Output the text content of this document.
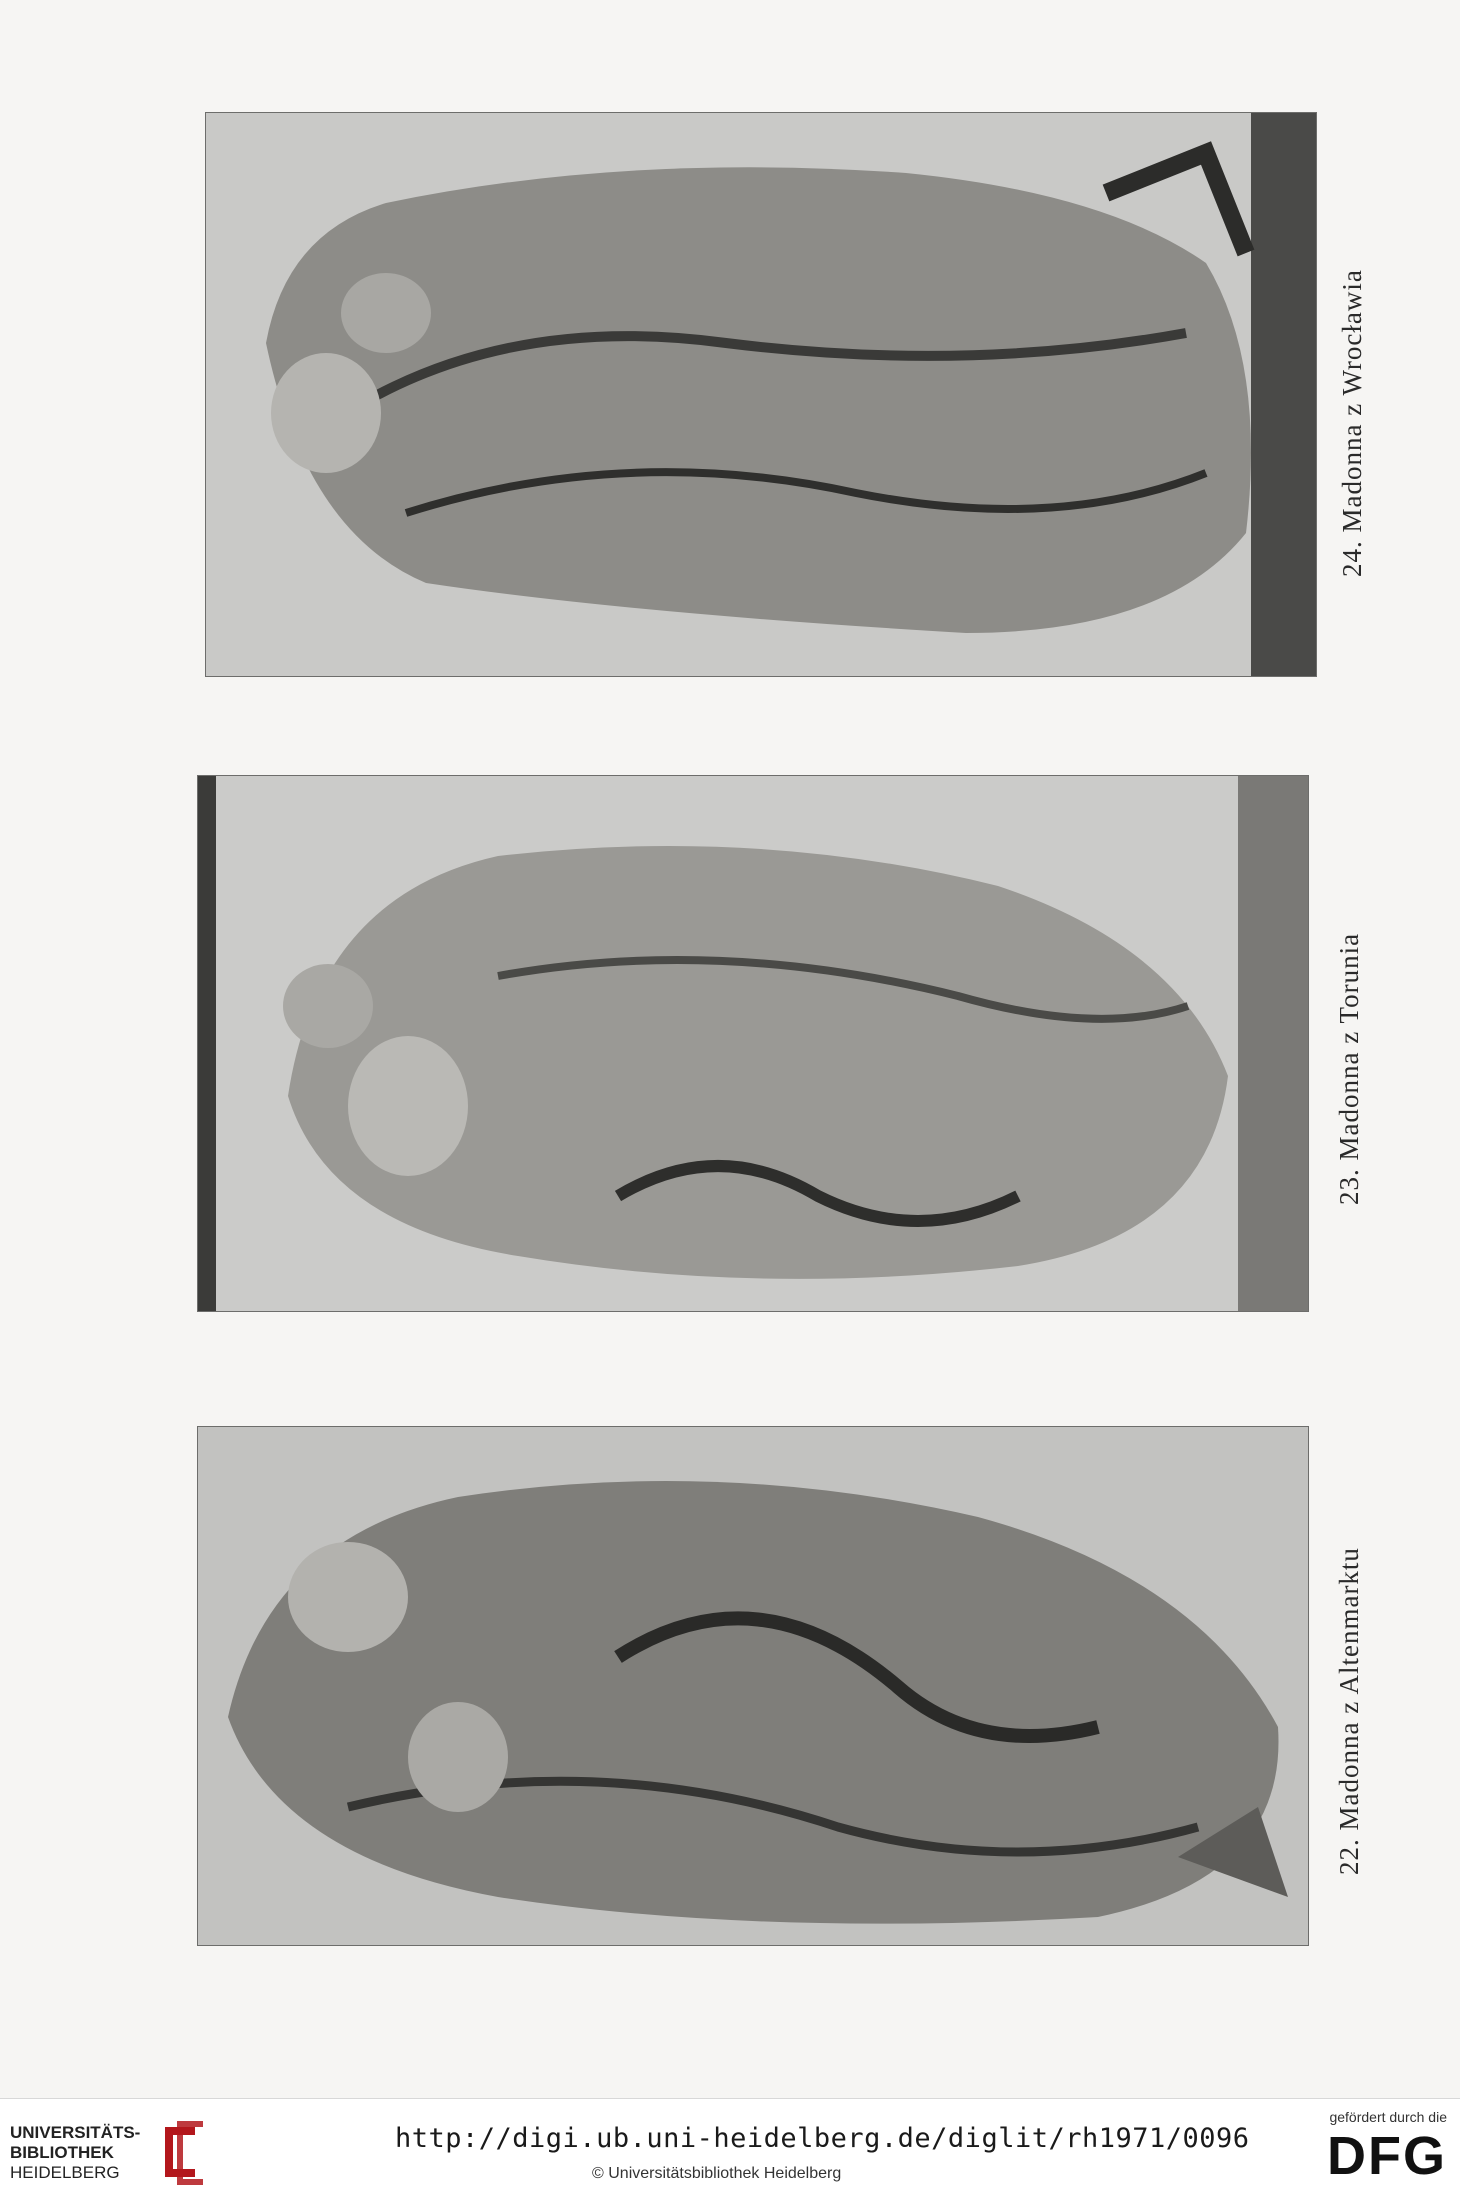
24. Madonna z Wrocławia
23. Madonna z Torunia
22. Madonna z Altenmarktu
UNIVERSITÄTS-
BIBLIOTHEK
HEIDELBERG
http://digi.ub.uni-heidelberg.de/diglit/rh1971/0096
© Universitätsbibliothek Heidelberg
gefördert durch die
DFG
